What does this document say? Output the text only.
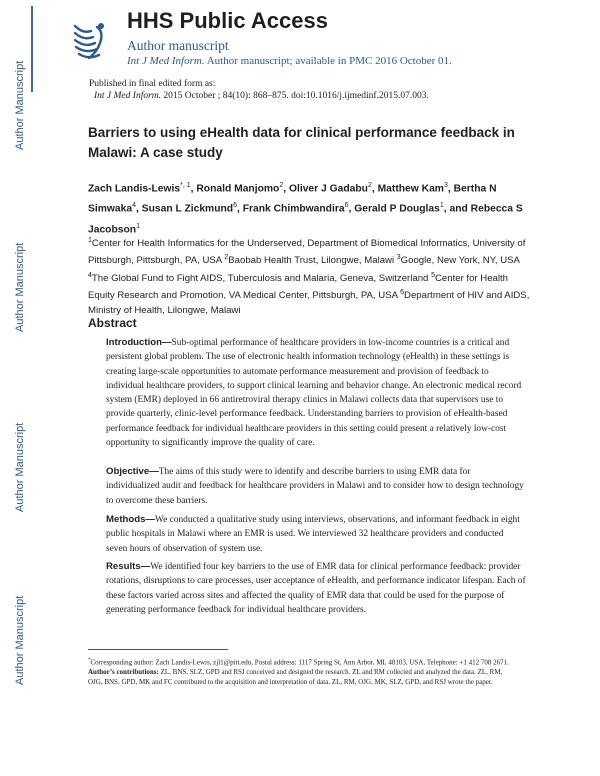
Author Manuscript
Author Manuscript
Author Manuscript
Author Manuscript
HHS Public Access
Author manuscript
Int J Med Inform. Author manuscript; available in PMC 2016 October 01.
Published in final edited form as:
Int J Med Inform. 2015 October ; 84(10): 868–875. doi:10.1016/j.ijmedinf.2015.07.003.
Barriers to using eHealth data for clinical performance feedback in Malawi: A case study
Zach Landis-Lewis$^{*, 1}$, Ronald Manjomo$^2$, Oliver J Gadabu$^2$, Matthew Kam$^3$, Bertha N Simwaka$^4$, Susan L Zickmund$^6$, Frank Chimbwandira$^6$, Gerald P Douglas$^1$, and Rebecca S Jacobson$^1$
$^1$Center for Health Informatics for the Underserved, Department of Biomedical Informatics, University of Pittsburgh, Pittsburgh, PA, USA $^2$Baobab Health Trust, Lilongwe, Malawi $^3$Google, New York, NY, USA $^4$The Global Fund to Fight AIDS, Tuberculosis and Malaria, Geneva, Switzerland $^5$Center for Health Equity Research and Promotion, VA Medical Center, Pittsburgh, PA, USA $^6$Department of HIV and AIDS, Ministry of Health, Lilongwe, Malawi
Abstract
Introduction—Sub-optimal performance of healthcare providers in low-income countries is a critical and persistent global problem. The use of electronic health information technology (eHealth) in these settings is creating large-scale opportunities to automate performance measurement and provision of feedback to individual healthcare providers, to support clinical learning and behavior change. An electronic medical record system (EMR) deployed in 66 antiretroviral therapy clinics in Malawi collects data that supervisors use to provide quarterly, clinic-level performance feedback. Understanding barriers to provision of eHealth-based performance feedback for individual healthcare providers in this setting could present a relatively low-cost opportunity to significantly improve the quality of care.
Objective—The aims of this study were to identify and describe barriers to using EMR data for individualized audit and feedback for healthcare providers in Malawi and to consider how to design technology to overcome these barriers.
Methods—We conducted a qualitative study using interviews, observations, and informant feedback in eight public hospitals in Malawi where an EMR is used. We interviewed 32 healthcare providers and conducted seven hours of observation of system use.
Results—We identified four key barriers to the use of EMR data for clinical performance feedback: provider rotations, disruptions to care processes, user acceptance of eHealth, and performance indicator lifespan. Each of these factors varied across sites and affected the quality of EMR data that could be used for the purpose of generating performance feedback for individual healthcare providers.
*Corresponding author: Zach Landis-Lewis, zjl1@pitt.edu, Postal address: 1117 Spring St, Ann Arbor, MI, 48103, USA, Telephone: +1 412 708 2671.
Author’s contributions: ZL, BNS, SLZ, GPD and RSJ conceived and designed the research. ZL and RM collected and analyzed the data. ZL, RM, OJG, BNS, GPD, MK and FC contributed to the acquisition and interpretation of data. ZL, RM, OJG, MK, SLZ, GPD, and RSJ wrote the paper.
